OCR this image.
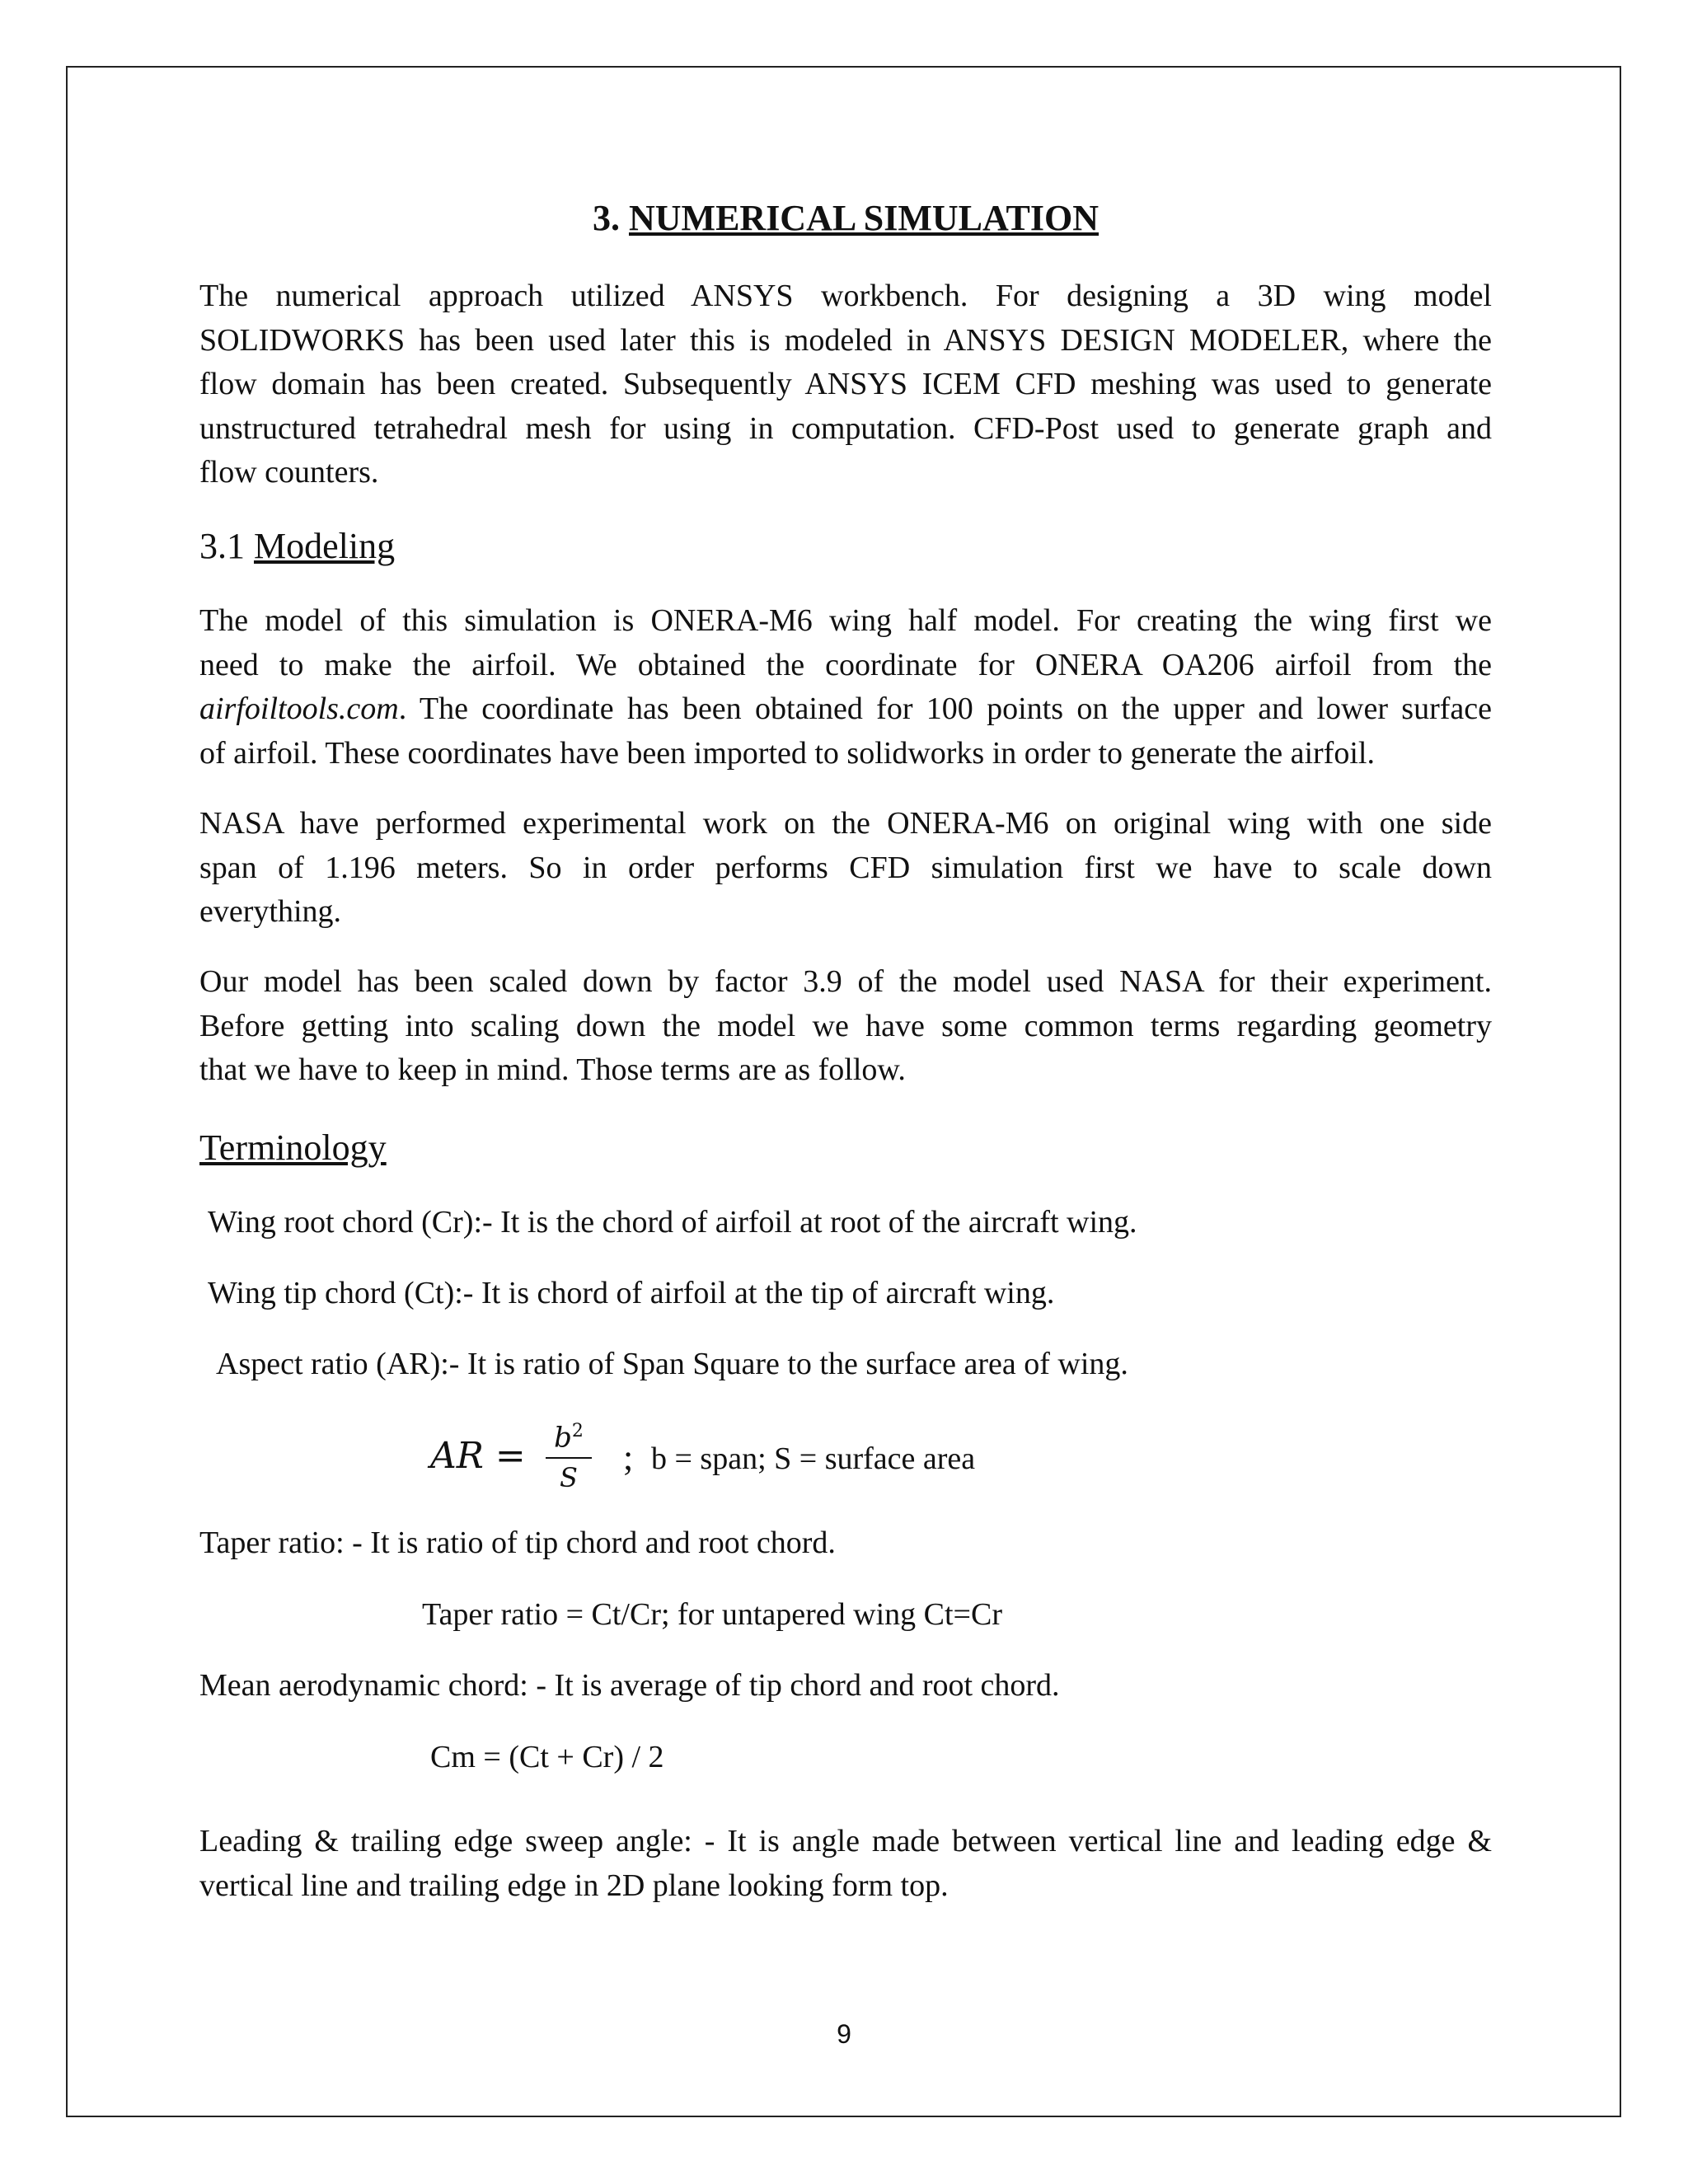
3. NUMERICAL SIMULATION
The numerical approach utilized ANSYS workbench. For designing a 3D wing model
SOLIDWORKS has been used later this is modeled in ANSYS DESIGN MODELER, where the
flow domain has been created. Subsequently ANSYS ICEM CFD meshing was used to generate
unstructured tetrahedral mesh for using in computation. CFD-Post used to generate graph and
flow counters.
3.1 Modeling
The model of this simulation is ONERA-M6 wing half model. For creating the wing first we
need to make the airfoil. We obtained the coordinate for ONERA OA206 airfoil from the
airfoiltools.com. The coordinate has been obtained for 100 points on the upper and lower surface
of airfoil. These coordinates have been imported to solidworks in order to generate the airfoil.
NASA have performed experimental work on the ONERA-M6 on original wing with one side
span of 1.196 meters. So in order performs CFD simulation first we have to scale down
everything.
Our model has been scaled down by factor 3.9 of the model used NASA for their experiment.
Before getting into scaling down the model we have some common terms regarding geometry
that we have to keep in mind. Those terms are as follow.
Terminology
Wing root chord (Cr):- It is the chord of airfoil at root of the aircraft wing.
Wing tip chord (Ct):- It is chord of airfoil at the tip of aircraft wing.
Aspect ratio (AR):- It is ratio of Span Square to the surface area of wing.
AR = $b^2$
S
; b = span; S = surface area
Taper ratio: - It is ratio of tip chord and root chord.
Taper ratio = Ct/Cr; for untapered wing Ct=Cr
Mean aerodynamic chord: - It is average of tip chord and root chord.
Cm = (Ct + Cr) / 2
Leading & trailing edge sweep angle: - It is angle made between vertical line and leading edge &
vertical line and trailing edge in 2D plane looking form top.
9
